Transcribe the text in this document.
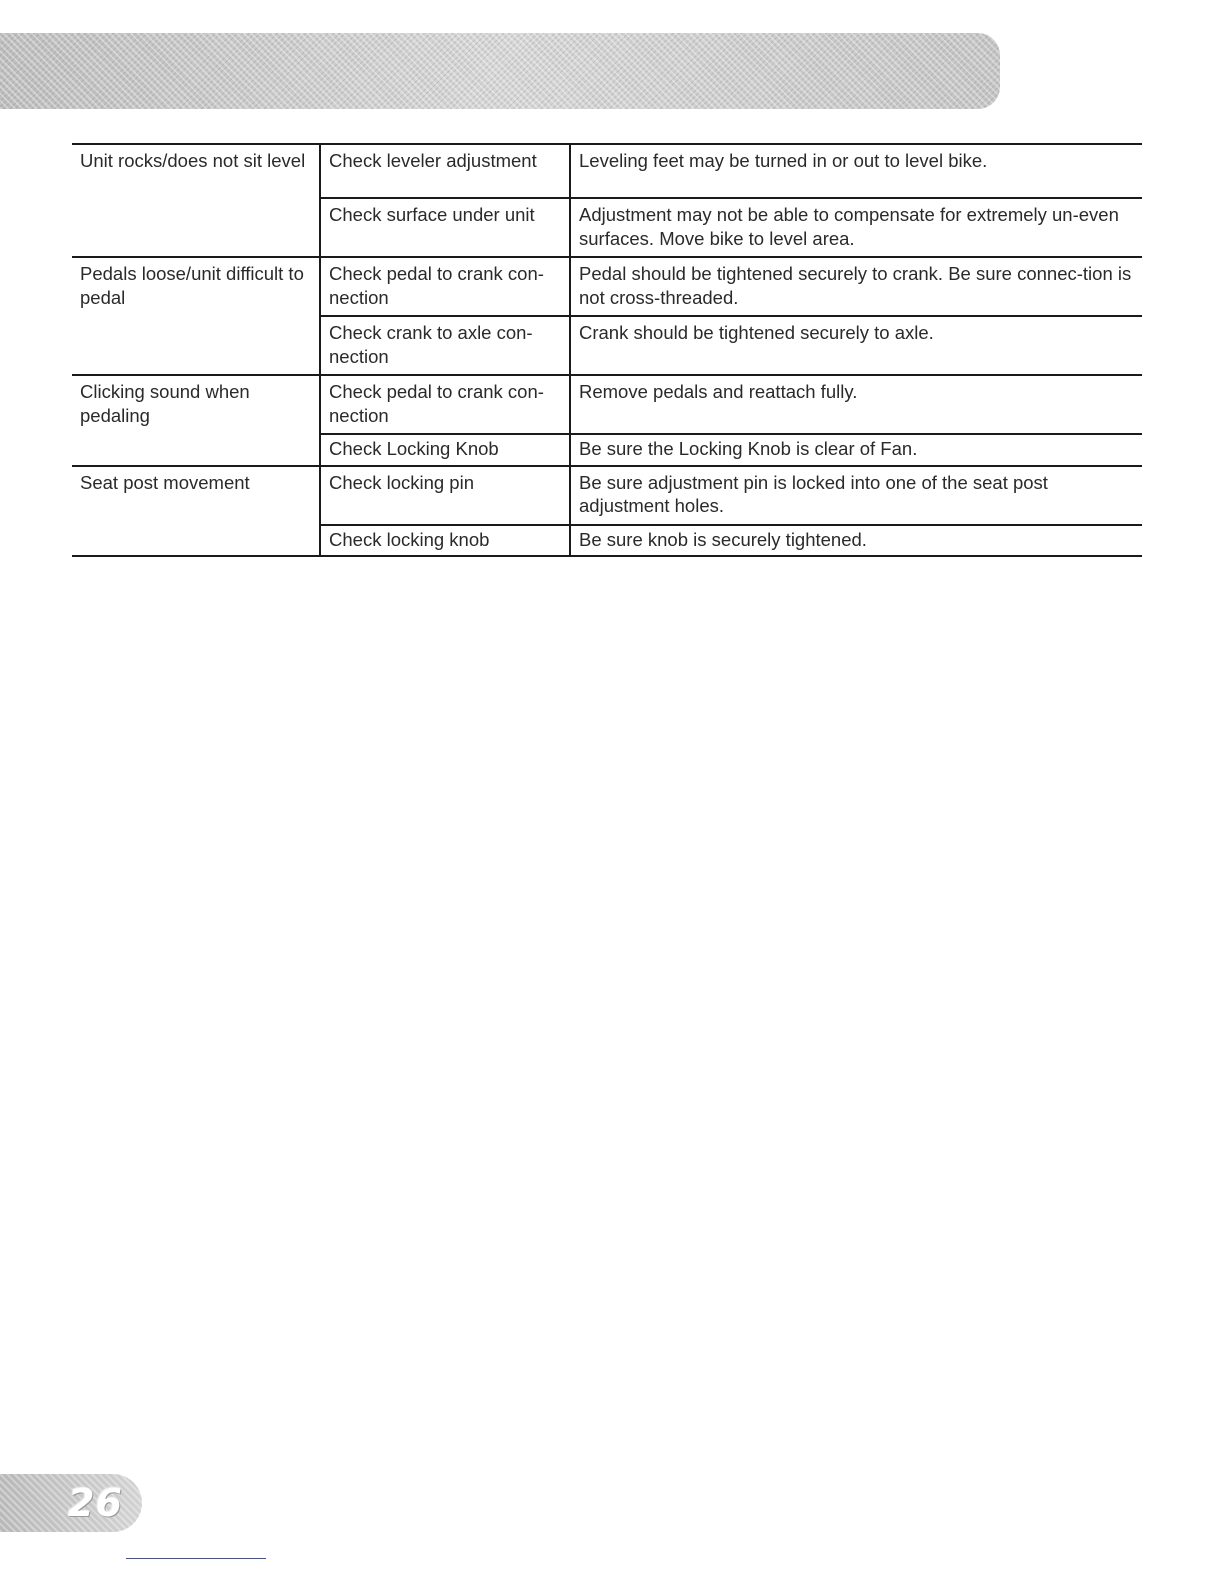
Unit rocks/does not sit level	Check leveler adjustment	Leveling feet may be turned in or out to level bike.
	Check surface under unit	Adjustment may not be able to compensate for extremely un-even surfaces. Move bike to level area.
Pedals loose/unit difficult to pedal	Check pedal to crank con-nection	Pedal should be tightened securely to crank. Be sure connec-tion is not cross-threaded.
	Check crank to axle con-nection	Crank should be tightened securely to axle.
Clicking sound when pedaling	Check pedal to crank con-nection	Remove pedals and reattach fully.
	Check Locking Knob	Be sure the Locking Knob is clear of Fan.
Seat post movement	Check locking pin	Be sure adjustment pin is locked into one of the seat post adjustment holes.
	Check locking knob	Be sure knob is securely tightened.
26
